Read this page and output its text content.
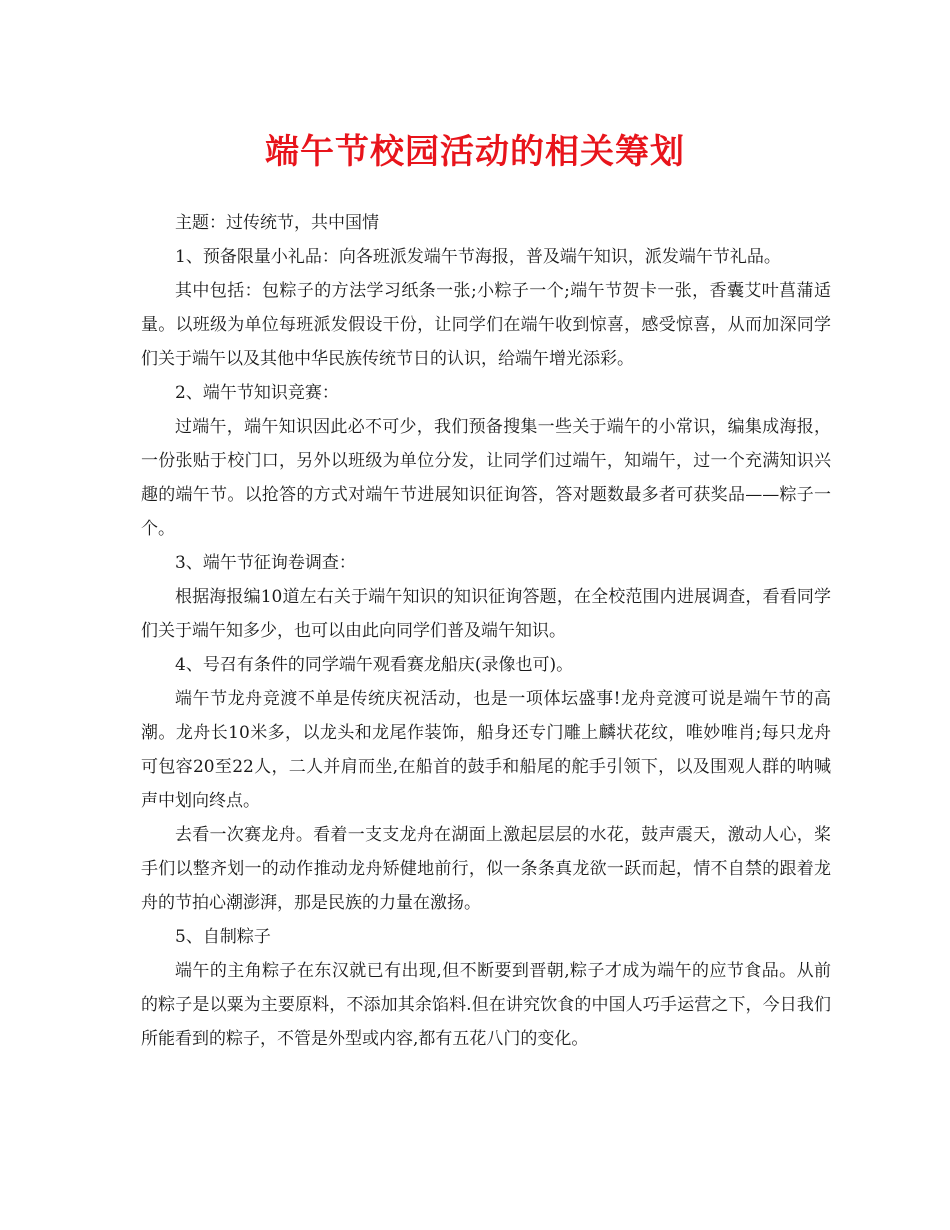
端午节校园活动的相关筹划

主题：过传统节，共中国情

1、预备限量小礼品：向各班派发端午节海报，普及端午知识，派发端午节礼品。

其中包括：包粽子的方法学习纸条一张;小粽子一个;端午节贺卡一张，香囊艾叶菖蒲适量。以班级为单位每班派发假设干份，让同学们在端午收到惊喜，感受惊喜，从而加深同学们关于端午以及其他中华民族传统节日的认识，给端午增光添彩。

2、端午节知识竞赛：

过端午，端午知识因此必不可少，我们预备搜集一些关于端午的小常识，编集成海报，一份张贴于校门口，另外以班级为单位分发，让同学们过端午，知端午，过一个充满知识兴趣的端午节。以抢答的方式对端午节进展知识征询答，答对题数最多者可获奖品——粽子一个。

3、端午节征询卷调查：

根据海报编10道左右关于端午知识的知识征询答题，在全校范围内进展调查，看看同学们关于端午知多少，也可以由此向同学们普及端午知识。

4、号召有条件的同学端午观看赛龙船庆(录像也可)。

端午节龙舟竞渡不单是传统庆祝活动，也是一项体坛盛事!龙舟竞渡可说是端午节的高潮。龙舟长10米多，以龙头和龙尾作装饰，船身还专门雕上麟状花纹，唯妙唯肖;每只龙舟可包容20至22人，二人并肩而坐,在船首的鼓手和船尾的舵手引领下，以及围观人群的呐喊声中划向终点。

去看一次赛龙舟。看着一支支龙舟在湖面上激起层层的水花，鼓声震天，激动人心，桨手们以整齐划一的动作推动龙舟矫健地前行，似一条条真龙欲一跃而起，情不自禁的跟着龙舟的节拍心潮澎湃，那是民族的力量在激扬。

5、自制粽子

端午的主角粽子在东汉就已有出现,但不断要到晋朝,粽子才成为端午的应节食品。从前的粽子是以粟为主要原料，不添加其余馅料.但在讲究饮食的中国人巧手运营之下，今日我们所能看到的粽子，不管是外型或内容,都有五花八门的变化。
